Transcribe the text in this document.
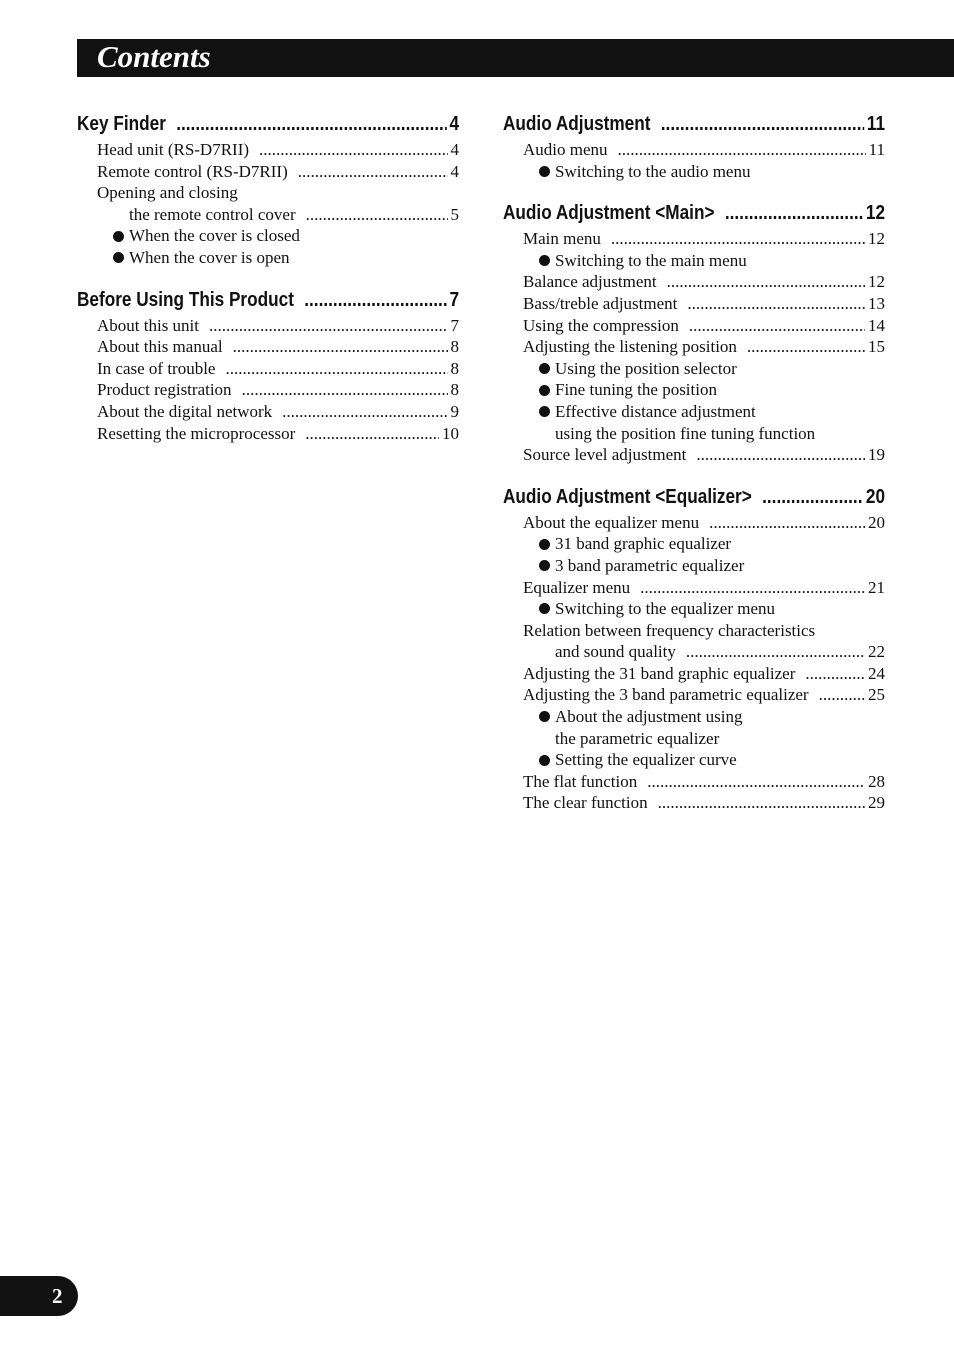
Contents
Key Finder .....	4
Head unit (RS-D7RII) .....	4
Remote control (RS-D7RII) .....	4
Opening and closing
the remote control cover .....	5
When the cover is closed
When the cover is open
Before Using This Product .....	7
About this unit .....	7
About this manual .....	8
In case of trouble .....	8
Product registration .....	8
About the digital network .....	9
Resetting the microprocessor .....	10
Audio Adjustment .....	11
Audio menu .....	11
Switching to the audio menu
Audio Adjustment <Main> .....	12
Main menu .....	12
Switching to the main menu
Balance adjustment .....	12
Bass/treble adjustment .....	13
Using the compression .....	14
Adjusting the listening position .....	15
Using the position selector
Fine tuning the position
Effective distance adjustment
using the position fine tuning function
Source level adjustment .....	19
Audio Adjustment <Equalizer> .....	20
About the equalizer menu .....	20
31 band graphic equalizer
3 band parametric equalizer
Equalizer menu .....	21
Switching to the equalizer menu
Relation between frequency characteristics
and sound quality .....	22
Adjusting the 31 band graphic equalizer .....	24
Adjusting the 3 band parametric equalizer .....	25
About the adjustment using
the parametric equalizer
Setting the equalizer curve
The flat function .....	28
The clear function .....	29
2
